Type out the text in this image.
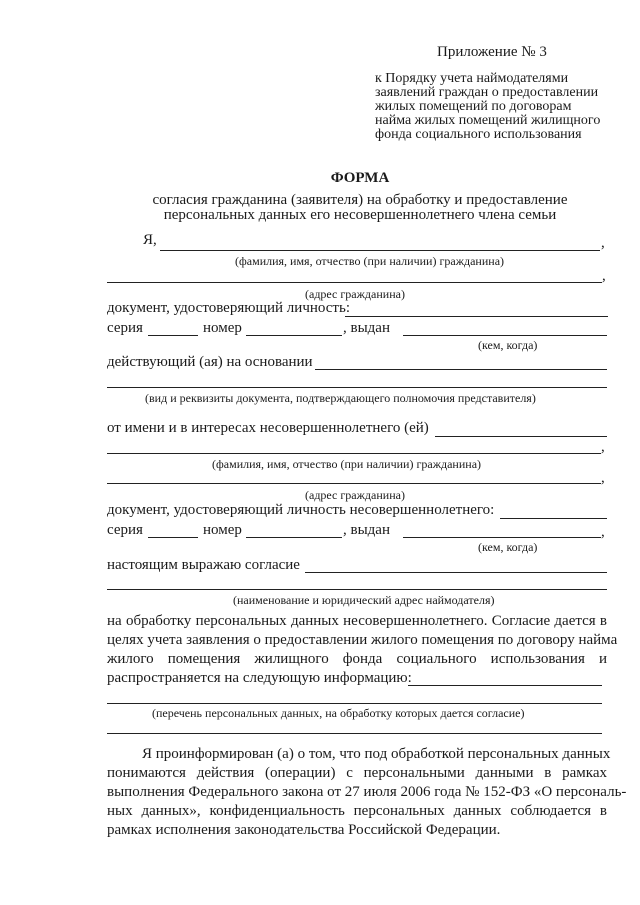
Приложение № 3
к Порядку учета наймодателями
заявлений граждан о предоставлении
жилых помещений по договорам
найма жилых помещений жилищного
фонда социального использования
ФОРМА
согласия гражданина (заявителя) на обработку и предоставление
персональных данных его несовершеннолетнего члена семьи
Я,	,
(фамилия, имя, отчество (при наличии) гражданина)
,
(адрес гражданина)
документ, удостоверяющий личность:
серия	номер	, выдан
(кем, когда)
действующий (ая) на основании
(вид и реквизиты документа, подтверждающего полномочия представителя)
от имени и в интересах несовершеннолетнего (ей)
,
(фамилия, имя, отчество (при наличии) гражданина)
,
(адрес гражданина)
документ, удостоверяющий личность несовершеннолетнего:
серия	номер	, выдан	,
(кем, когда)
настоящим выражаю согласие
(наименование и юридический адрес наймодателя)
на обработку персональных данных несовершеннолетнего. Согласие дается в
целях учета заявления о предоставлении жилого помещения по договору найма
жилого помещения жилищного фонда социального использования и
распространяется на следующую информацию:
(перечень персональных данных, на обработку которых дается согласие)
Я проинформирован (а) о том, что под обработкой персональных данных
понимаются действия (операции) с персональными данными в рамках
выполнения Федерального закона от 27 июля 2006 года № 152-ФЗ «О персональ-
ных данных», конфиденциальность персональных данных соблюдается в
рамках исполнения законодательства Российской Федерации.
